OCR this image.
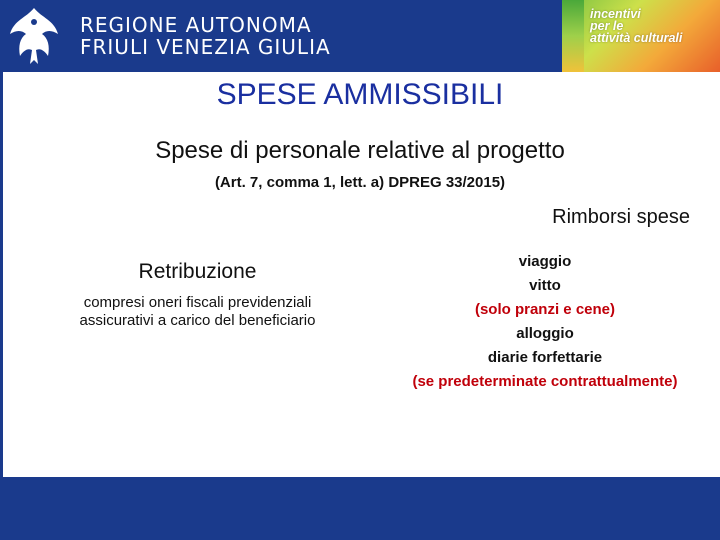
REGIONE AUTONOMA
FRIULI VENEZIA GIULIA
incentivi
per le
attività culturali
SPESE AMMISSIBILI
Spese di personale relative al progetto
(Art. 7, comma 1, lett. a) DPREG 33/2015)
Retribuzione
compresi oneri fiscali previdenziali
assicurativi a carico del beneficiario
Rimborsi spese
viaggio
vitto
(solo pranzi e cene)
alloggio
diarie forfettarie
(se predeterminate contrattualmente)
